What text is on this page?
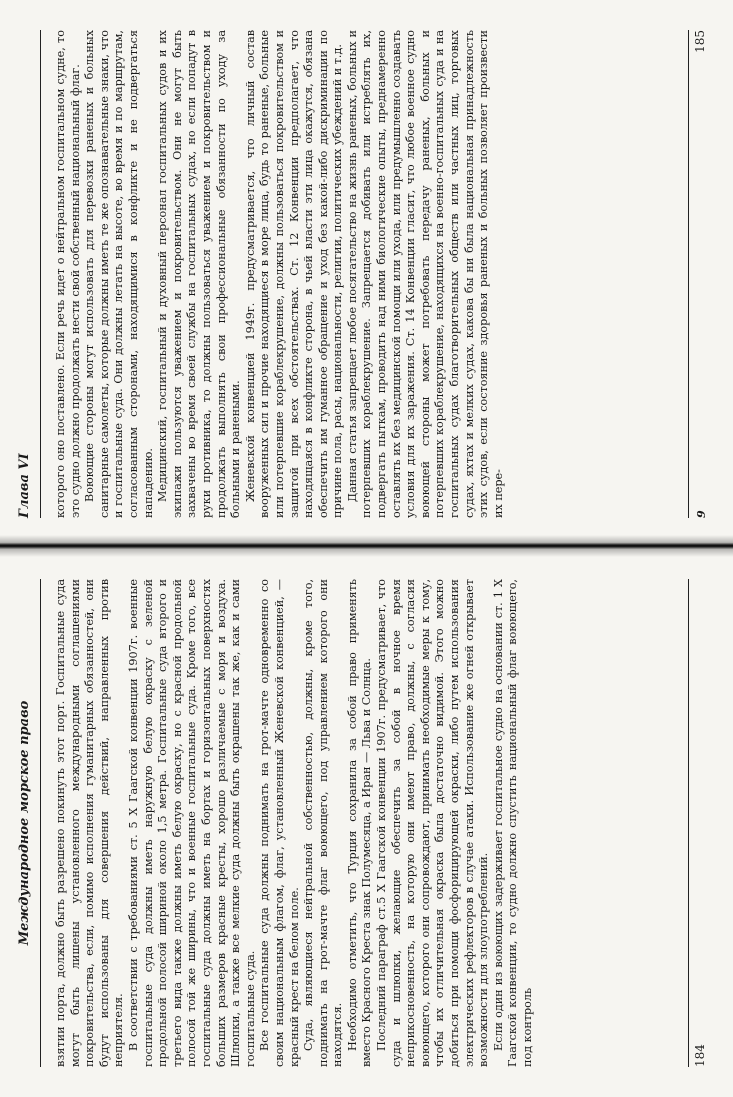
Международное морское право	взятии порта, должно быть разрешено покинуть этот порт. Госпитальные суда могут быть лишены установленного международными соглашениями покровительства, если, помимо исполнения гуманитарных обязанностей, они будут использованы для совершения действий, направленных против неприятеля. В соответствии с требованиями ст. 5 X Гаагской конвенции 1907г. военные госпитальные суда должны иметь наружную белую окраску с зеленой продольной полосой шириной около 1,5 метра. Госпитальные суда второго и третьего вида также должны иметь белую окраску, но с красной продольной полосой той же ширины, что и военные госпитальные суда. Кроме того, все госпитальные суда должны иметь на бортах и горизонтальных поверхностях больших размеров красные кресты, хорошо различаемые с моря и воздуха. Шлюпки, а также все мелкие суда должны быть окрашены так же, как и сами госпитальные суда. Все госпитальные суда должны поднимать на грот-мачте одновременно со своим национальным флагом, флаг, установленный Женевской конвенцией, — красный крест на белом поле. Суда, являющиеся нейтральной собственностью, должны, кроме того, поднимать на грот-мачте флаг воюющего, под управлением которого они находятся. Необходимо отметить, что Турция сохранила за собой право применять вместо Красного Креста знак Полумесяца, а Иран — Льва и Солнца. Последний параграф ст.5 X Гаагской конвенции 1907г. предусматривает, что суда и шлюпки, желающие обеспечить за собой в ночное время неприкосновенность, на которую они имеют право, должны, с согласия воюющего, которого они сопровождают, принимать необходимые меры к тому, чтобы их отличительная окраска была достаточно видимой. Этого можно добиться при помощи фосфорицирующей окраски, либо путем использования электрических рефлекторов в случае атаки. Использование же огней открывает возможности для злоупотреблений. Если один из воюющих задерживает госпитальное судно на основании ст. 1 X Гаагской конвенции, то судно должно спустить национальный флаг воюющего, под контроль	184
Глава VI	которого оно поставлено. Если речь идет о нейтральном госпитальном судне, то это судно должно продолжать нести свой собственный национальный флаг. Воюющие стороны могут использовать для перевозки раненых и больных санитарные самолеты, которые должны иметь те же опознавательные знаки, что и госпитальные суда. Они должны летать на высоте, во время и по маршрутам, согласованным сторонами, находящимися в конфликте и не подвергаться нападению. Медицинский, госпитальный и духовный персонал госпитальных судов и их экипажи пользуются уважением и покровительством. Они не могут быть захвачены во время своей службы на госпитальных судах, но если попадут в руки противника, то должны пользоваться уважением и покровительством и продолжать выполнять свои профессиональные обязанности по уходу за больными и ранеными. Женевской конвенцией 1949г. предусматривается, что личный состав вооруженных сил и прочие находящиеся в море лица, будь то раненые, больные или потерпевшие кораблекрушение, должны пользоваться покровительством и защитой при всех обстоятельствах. Ст. 12 Конвенции предполагает, что находящаяся в конфликте сторона, в чьей власти эти лица окажутся, обязана обеспечить им гуманное обращение и уход без какой-либо дискриминации по причине пола, расы, национальности, религии, политических убеждений и т.д. Данная статья запрещает любое посягательство на жизнь раненых, больных и потерпевших кораблекрушение. Запрещается добивать или истреблять их, подвергать пыткам, проводить над ними биологические опыты, преднамеренно оставлять их без медицинской помощи или ухода, или предумышленно создавать условия для их заражения. Ст. 14 Конвенции гласит, что любое военное судно воюющей стороны может потребовать передачу раненых, больных и потерпевших кораблекрушение, находящихся на военно-госпитальных суда и на госпитальных судах благотворительных обществ или частных лиц, торговых судах, яхтах и мелких судах, какова бы ни была национальная принадлежность этих судов, если состояние здоровья раненых и больных позволяет произвести их пере-	9
185
